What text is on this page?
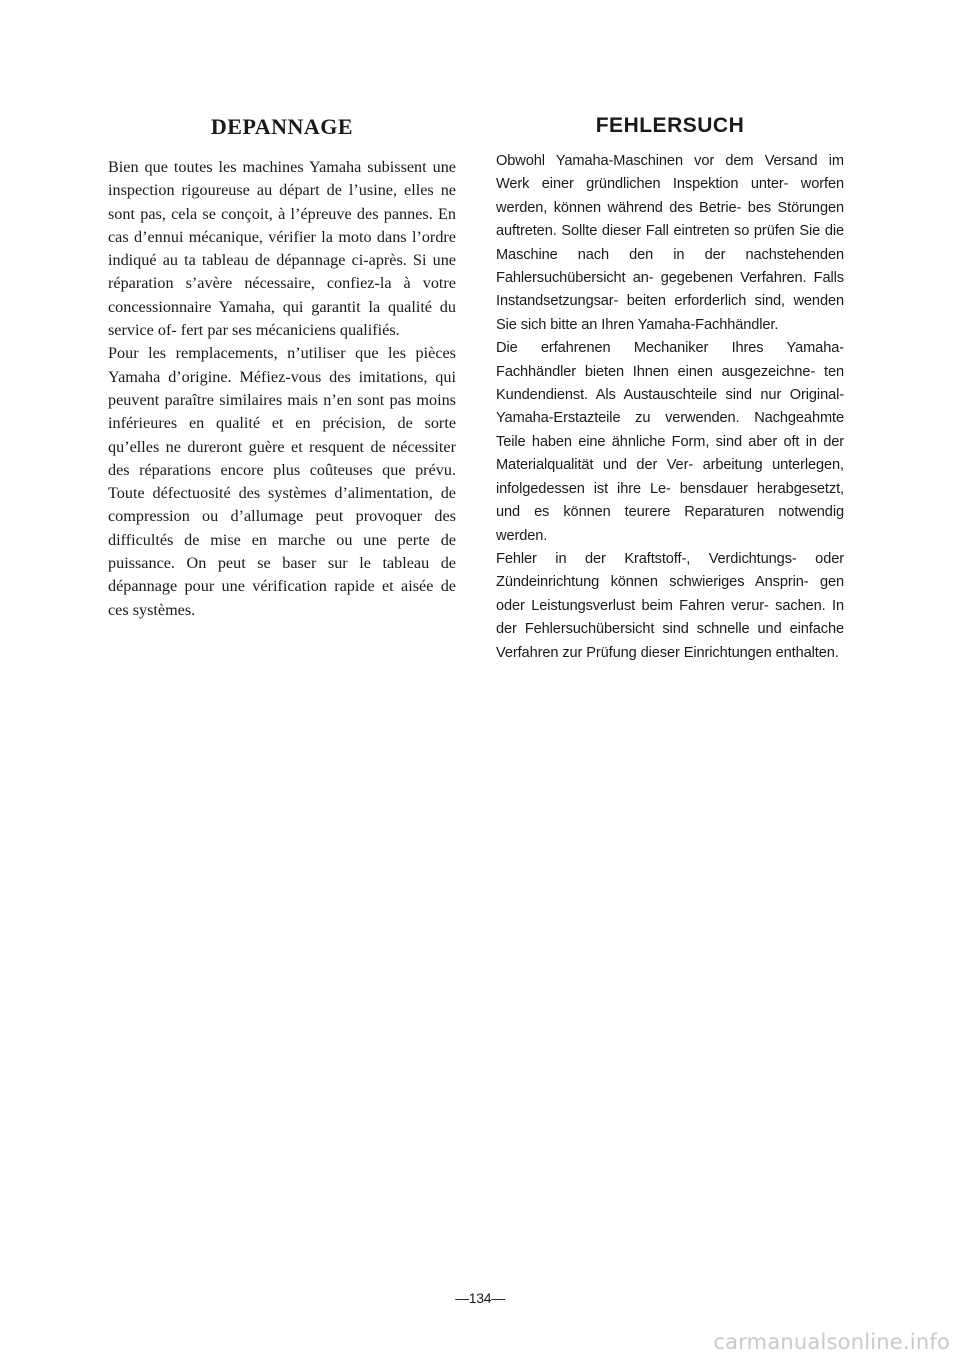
DEPANNAGE

Bien que toutes les machines Yamaha subissent une inspection rigoureuse au départ de l’usine, elles ne sont pas, cela se conçoit, à l’épreuve des pannes. En cas d’ennui mécanique, vérifier la moto dans l’ordre indiqué au ta tableau de dépannage ci-après. Si une réparation s’avère nécessaire, confiez-la à votre concessionnaire Yamaha, qui garantit la qualité du service of- fert par ses mécaniciens qualifiés.

Pour les remplacements, n’utiliser que les pièces Yamaha d’origine. Méfiez-vous des imitations, qui peuvent paraître similaires mais n’en sont pas moins inférieures en qualité et en précision, de sorte qu’elles ne dureront guère et resquent de nécessiter des réparations encore plus coûteuses que prévu. Toute défectuosité des systèmes d’alimentation, de compression ou d’allumage peut provoquer des difficultés de mise en marche ou une perte de puissance. On peut se baser sur le tableau de dépannage pour une vérification rapide et aisée de ces systèmes.

FEHLERSUCH

Obwohl Yamaha-Maschinen vor dem Versand im Werk einer gründlichen Inspektion unter- worfen werden, können während des Betrie- bes Störungen auftreten. Sollte dieser Fall eintreten so prüfen Sie die Maschine nach den in der nachstehenden Fahlersuchübersicht an- gegebenen Verfahren. Falls Instandsetzungsar- beiten erforderlich sind, wenden Sie sich bitte an Ihren Yamaha-Fachhändler.

Die erfahrenen Mechaniker Ihres Yamaha- Fachhändler bieten Ihnen einen ausgezeichne- ten Kundendienst. Als Austauschteile sind nur Original-Yamaha-Erstazteile zu verwenden. Nachgeahmte Teile haben eine ähnliche Form, sind aber oft in der Materialqualität und der Ver- arbeitung unterlegen, infolgedessen ist ihre Le- bensdauer herabgesetzt, und es können teurere Reparaturen notwendig werden.

Fehler in der Kraftstoff-, Verdichtungs- oder Zündeinrichtung können schwieriges Ansprin- gen oder Leistungsverlust beim Fahren verur- sachen. In der Fehlersuchübersicht sind schnelle und einfache Verfahren zur Prüfung dieser Einrichtungen enthalten.

—134—
carmanualsonline.info
